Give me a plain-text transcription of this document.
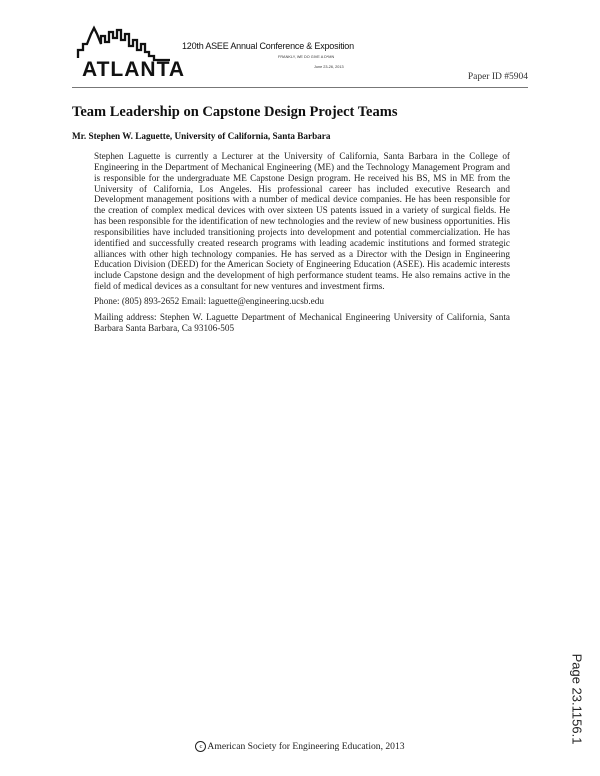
ATLANTA
120th ASEE Annual Conference & Exposition
FRANKLY, WE DO GIVE A D*MN
June 23-26, 2013
Paper ID #5904
Team Leadership on Capstone Design Project Teams
Mr. Stephen W. Laguette, University of California, Santa Barbara

Stephen Laguette is currently a Lecturer at the University of California, Santa Barbara in the College of Engineering in the Department of Mechanical Engineering (ME) and the Technology Management Program and is responsible for the undergraduate ME Capstone Design program. He received his BS, MS in ME from the University of California, Los Angeles. His professional career has included executive Research and Development management positions with a number of medical device companies. He has been responsible for the creation of complex medical devices with over sixteen US patents issued in a variety of surgical fields. He has been responsible for the identification of new technologies and the review of new business opportunities. His responsibilities have included transitioning projects into development and potential commercialization. He has identified and successfully created research programs with leading academic institutions and formed strategic alliances with other high technology companies. He has served as a Director with the Design in Engineering Education Division (DEED) for the American Society of Engineering Education (ASEE). His academic interests include Capstone design and the development of high performance student teams. He also remains active in the field of medical devices as a consultant for new ventures and investment firms.

Phone: (805) 893-2652 Email: laguette@engineering.ucsb.edu

Mailing address: Stephen W. Laguette Department of Mechanical Engineering University of California, Santa Barbara Santa Barbara, Ca 93106-505

Page 23.1156.1
c American Society for Engineering Education, 2013
